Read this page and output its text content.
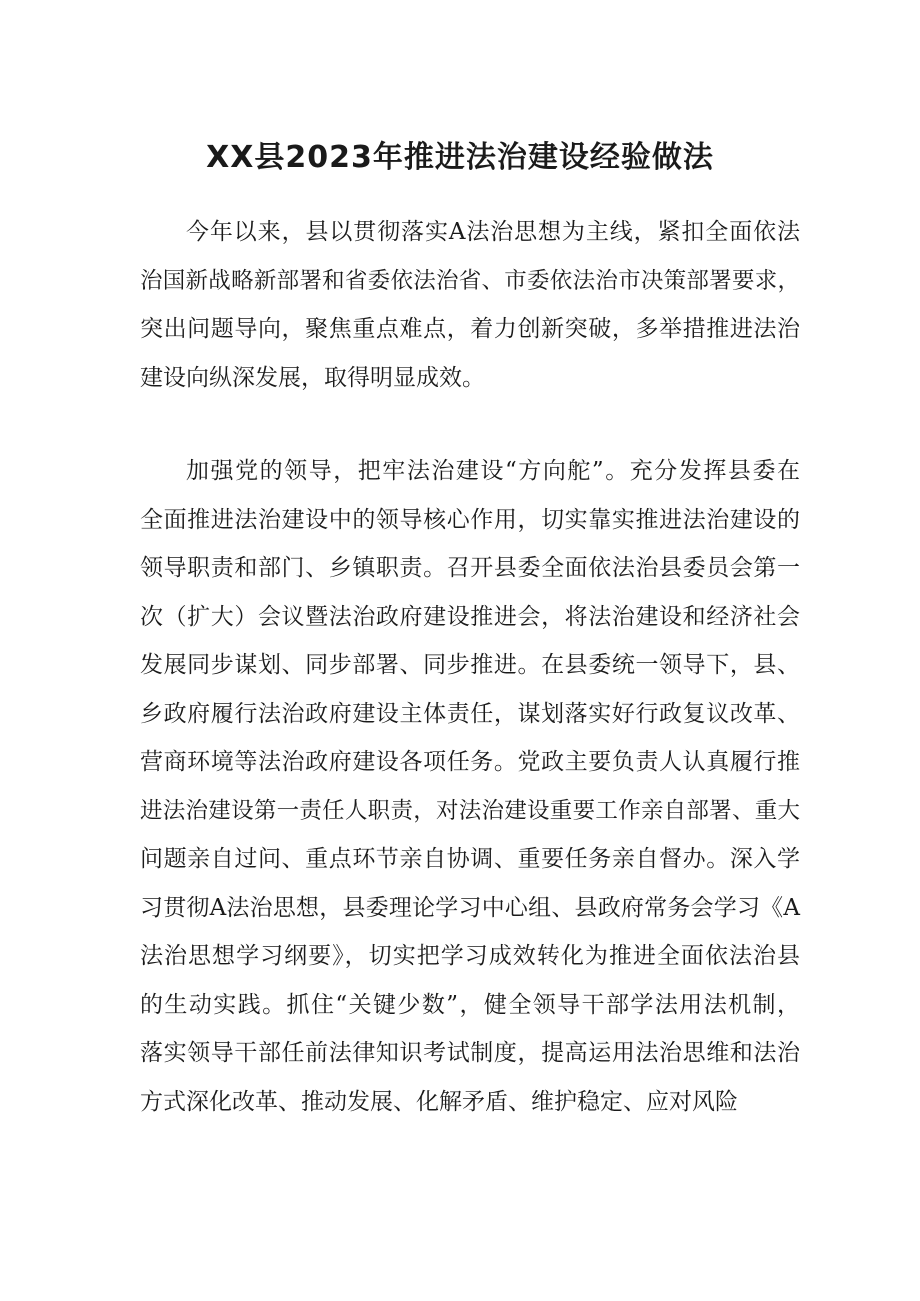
XX县2023年推进法治建设经验做法

今年以来，县以贯彻落实A法治思想为主线，紧扣全面依法
治国新战略新部署和省委依法治省、市委依法治市决策部署要求，
突出问题导向，聚焦重点难点，着力创新突破，多举措推进法治
建设向纵深发展，取得明显成效。

加强党的领导，把牢法治建设“方向舵”。充分发挥县委在
全面推进法治建设中的领导核心作用，切实靠实推进法治建设的
领导职责和部门、乡镇职责。召开县委全面依法治县委员会第一
次（扩大）会议暨法治政府建设推进会，将法治建设和经济社会
发展同步谋划、同步部署、同步推进。在县委统一领导下，县、
乡政府履行法治政府建设主体责任，谋划落实好行政复议改革、
营商环境等法治政府建设各项任务。党政主要负责人认真履行推
进法治建设第一责任人职责，对法治建设重要工作亲自部署、重大
问题亲自过问、重点环节亲自协调、重要任务亲自督办。深入学
习贯彻A法治思想，县委理论学习中心组、县政府常务会学习《A
法治思想学习纲要》，切实把学习成效转化为推进全面依法治县
的生动实践。抓住“关键少数”，健全领导干部学法用法机制，
落实领导干部任前法律知识考试制度，提高运用法治思维和法治
方式深化改革、推动发展、化解矛盾、维护稳定、应对风险
